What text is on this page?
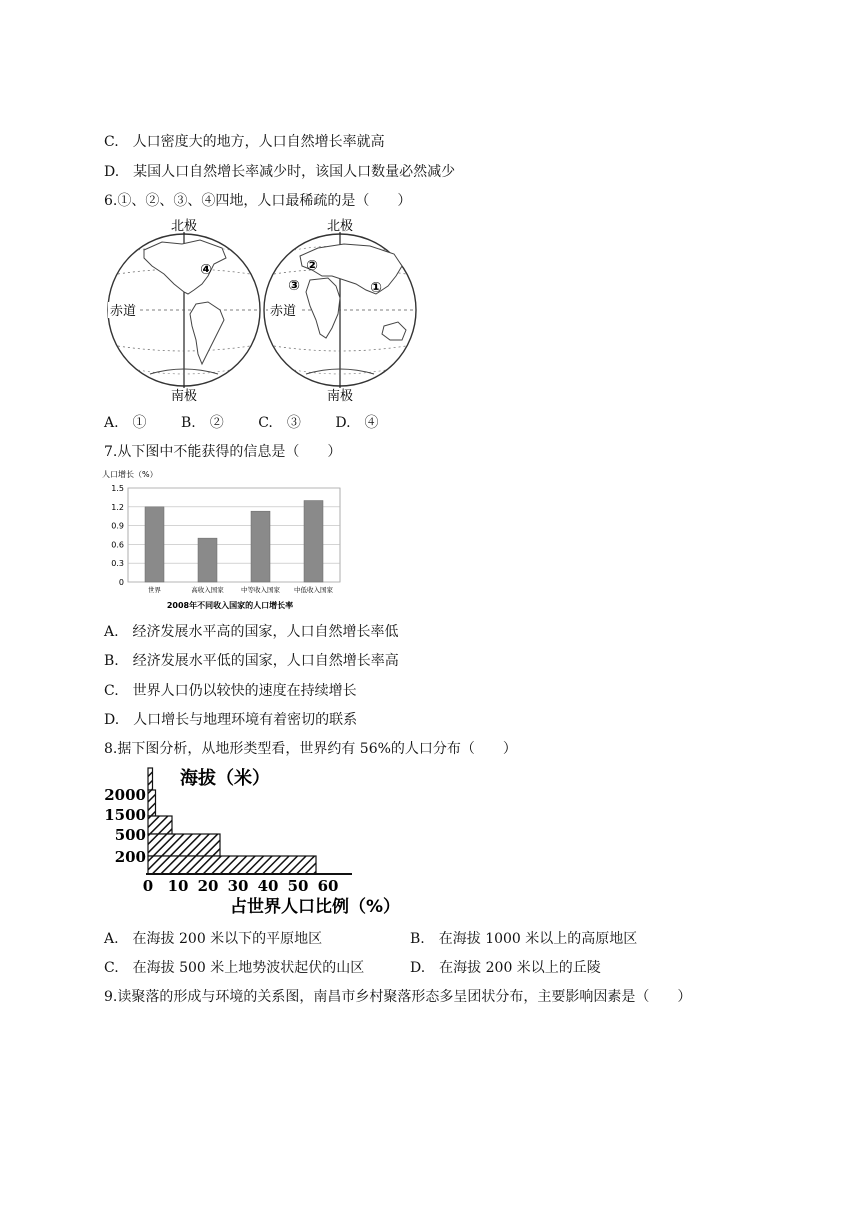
C.　人口密度大的地方，人口自然增长率就高
D.　某国人口自然增长率减少时，该国人口数量必然减少
6.①、②、③、④四地，人口最稀疏的是（　　）
北极	北极
南极	南极
赤道	赤道
①
②
③
④
A.　① B.　② C.　③ D.　④
7.从下图中不能获得的信息是（　　）
人口增长（%）
0
0.3
0.6
0.9
1.2
1.5
世界	高收入国家	中等收入国家 中低收入国家
2008年不同收入国家的人口增长率
A.　经济发展水平高的国家，人口自然增长率低
B.　经济发展水平低的国家，人口自然增长率高
C.　世界人口仍以较快的速度在持续增长
D.　人口增长与地理环境有着密切的联系
8.据下图分析，从地形类型看，世界约有 56%的人口分布（　　）
海拔（米）
200
500
1500
2000
0 10 20 30 40 50 60
占世界人口比例（%）
A.　在海拔 200 米以下的平原地区	B.　在海拔 1000 米以上的高原地区
C.　在海拔 500 米上地势波状起伏的山区	D.　在海拔 200 米以上的丘陵
9.读聚落的形成与环境的关系图，南昌市乡村聚落形态多呈团状分布，主要影响因素是（　　）
